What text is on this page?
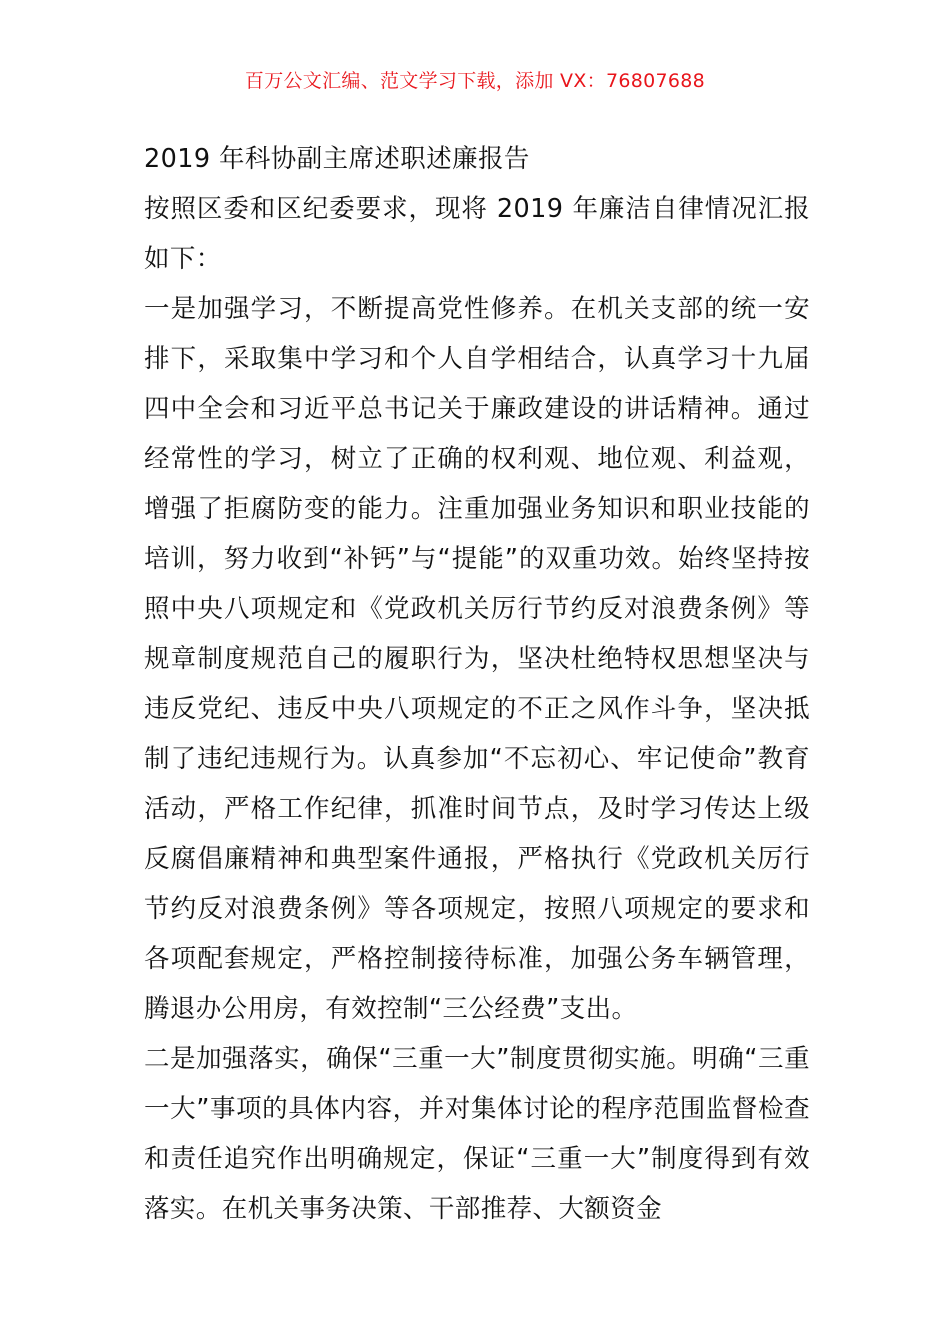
百万公文汇编、范文学习下载，添加 VX：76807688

2019 年科协副主席述职述廉报告

按照区委和区纪委要求，现将 2019 年廉洁自律情况汇报如下：

一是加强学习，不断提高党性修养。在机关支部的统一安排下，采取集中学习和个人自学相结合，认真学习十九届四中全会和习近平总书记关于廉政建设的讲话精神。通过经常性的学习，树立了正确的权利观、地位观、利益观，增强了拒腐防变的能力。注重加强业务知识和职业技能的培训，努力收到“补钙”与“提能”的双重功效。始终坚持按照中央八项规定和《党政机关厉行节约反对浪费条例》等规章制度规范自己的履职行为，坚决杜绝特权思想坚决与违反党纪、违反中央八项规定的不正之风作斗争，坚决抵制了违纪违规行为。认真参加“不忘初心、牢记使命”教育活动，严格工作纪律，抓准时间节点，及时学习传达上级反腐倡廉精神和典型案件通报，严格执行《党政机关厉行节约反对浪费条例》等各项规定，按照八项规定的要求和各项配套规定，严格控制接待标准，加强公务车辆管理，腾退办公用房，有效控制“三公经费”支出。

二是加强落实，确保“三重一大”制度贯彻实施。明确“三重一大”事项的具体内容，并对集体讨论的程序范围监督检查和责任追究作出明确规定，保证“三重一大”制度得到有效落实。在机关事务决策、干部推荐、大额资金
